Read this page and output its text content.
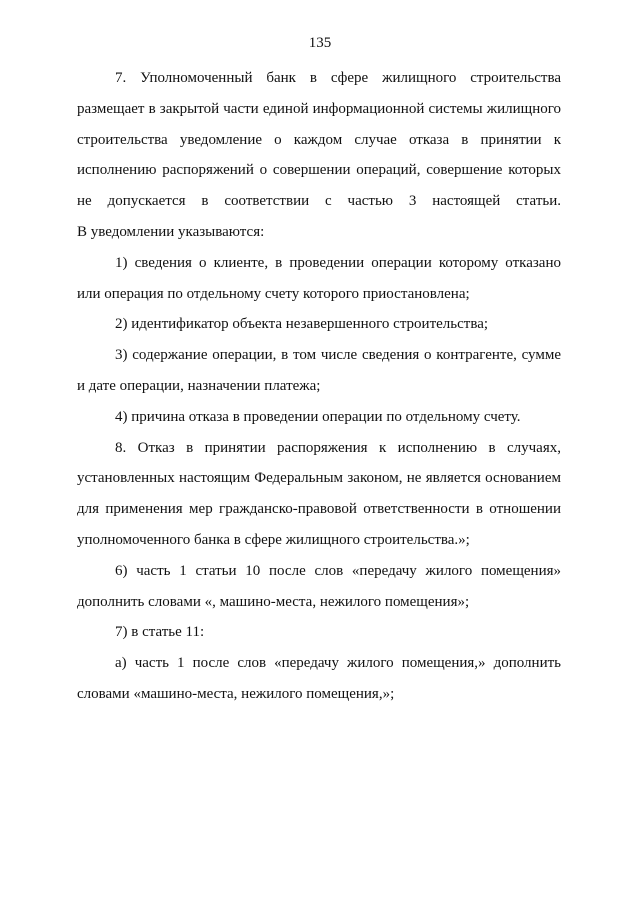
135
7. Уполномоченный банк в сфере жилищного строительства
размещает в закрытой части единой информационной системы жилищного
строительства уведомление о каждом случае отказа в принятии к
исполнению распоряжений о совершении операций, совершение которых
не допускается в соответствии с частью 3 настоящей статьи.
В уведомлении указываются:
1) сведения о клиенте, в проведении операции которому отказано
или операция по отдельному счету которого приостановлена;
2) идентификатор объекта незавершенного строительства;
3) содержание операции, в том числе сведения о контрагенте, сумме
и дате операции, назначении платежа;
4) причина отказа в проведении операции по отдельному счету.
8. Отказ в принятии распоряжения к исполнению в случаях,
установленных настоящим Федеральным законом, не является основанием
для применения мер гражданско-правовой ответственности в отношении
уполномоченного банка в сфере жилищного строительства.»;
6) часть 1 статьи 10 после слов «передачу жилого помещения»
дополнить словами «, машино-места, нежилого помещения»;
7) в статье 11:
а) часть 1 после слов «передачу жилого помещения,» дополнить
словами «машино-места, нежилого помещения,»;
